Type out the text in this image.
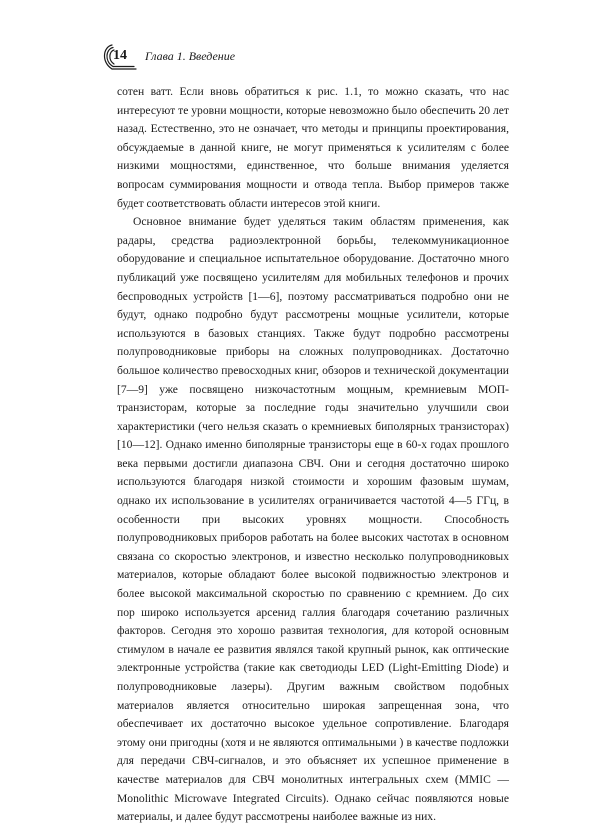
14 Глава 1. Введение

сотен ватт. Если вновь обратиться к рис. 1.1, то можно сказать, что нас интересуют те уровни мощности, которые невозможно было обеспечить 20 лет назад. Естественно, это не означает, что методы и принципы проектирования, обсуждаемые в данной книге, не могут применяться к усилителям с более низкими мощностями, единственное, что больше внимания уделяется вопросам суммирования мощности и отвода тепла. Выбор примеров также будет соответствовать области интересов этой книги.

Основное внимание будет уделяться таким областям применения, как радары, средства радиоэлектронной борьбы, телекоммуникационное оборудование и специальное испытательное оборудование. Достаточно много публикаций уже посвящено усилителям для мобильных телефонов и прочих беспроводных устройств [1—6], поэтому рассматриваться подробно они не будут, однако подробно будут рассмотрены мощные усилители, которые используются в базовых станциях. Также будут подробно рассмотрены полупроводниковые приборы на сложных полупроводниках. Достаточно большое количество превосходных книг, обзоров и технической документации [7—9] уже посвящено низкочастотным мощным, кремниевым МОП-транзисторам, которые за последние годы значительно улучшили свои характеристики (чего нельзя сказать о кремниевых биполярных транзисторах) [10—12]. Однако именно биполярные транзисторы еще в 60-х годах прошлого века первыми достигли диапазона СВЧ. Они и сегодня достаточно широко используются благодаря низкой стоимости и хорошим фазовым шумам, однако их использование в усилителях ограничивается частотой 4—5 ГГц, в особенности при высоких уровнях мощности. Способность полупроводниковых приборов работать на более высоких частотах в основном связана со скоростью электронов, и известно несколько полупроводниковых материалов, которые обладают более высокой подвижностью электронов и более высокой максимальной скоростью по сравнению с кремнием. До сих пор широко используется арсенид галлия благодаря сочетанию различных факторов. Сегодня это хорошо развитая технология, для которой основным стимулом в начале ее развития являлся такой крупный рынок, как оптические электронные устройства (такие как светодиоды LED (Light-Emitting Diode) и полупроводниковые лазеры). Другим важным свойством подобных материалов является относительно широкая запрещенная зона, что обеспечивает их достаточно высокое удельное сопротивление. Благодаря этому они пригодны (хотя и не являются оптимальными ) в качестве подложки для передачи СВЧ-сигналов, и это объясняет их успешное применение в качестве материалов для СВЧ монолитных интегральных схем (MMIC — Monolithic Microwave Integrated Circuits). Однако сейчас появляются новые материалы, и далее будут рассмотрены наиболее важные из них.
